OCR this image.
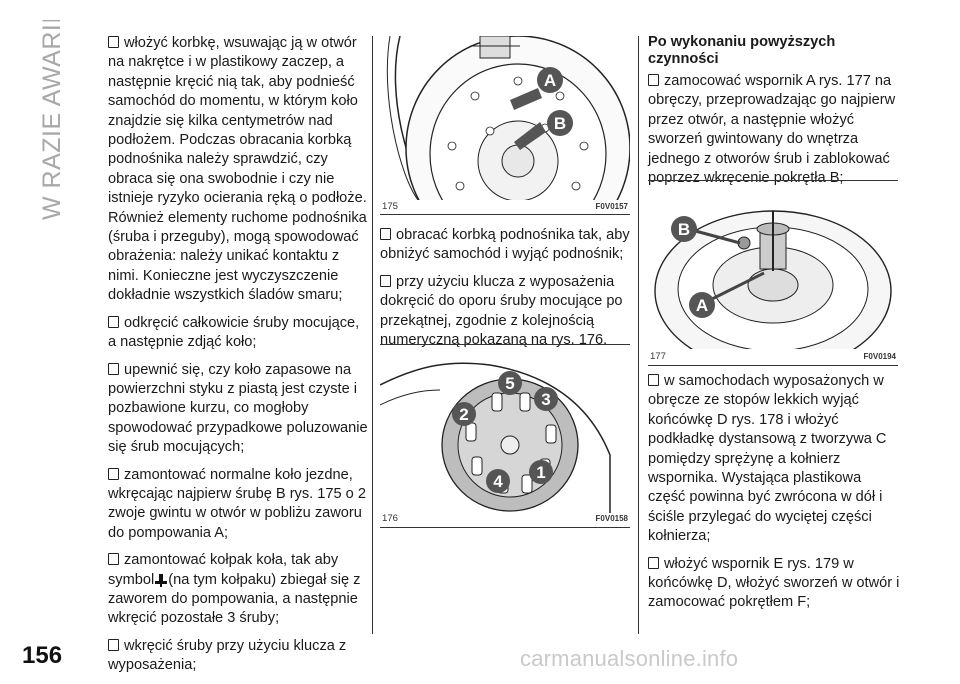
W RAZIE AWARII	włożyć korbkę, wsuwając ją w otwór na nakrętce i w plastikowy zaczep, a następnie kręcić nią tak, aby podnieść samochód do momentu, w którym koło znajdzie się kilka centymetrów nad podłożem. Podczas obracania korbką podnośnika należy sprawdzić, czy obraca się ona swobodnie i czy nie istnieje ryzyko ocierania ręką o podłoże. Również elementy ruchome podnośnika (śruba i przeguby), mogą spowodować obrażenia: należy unikać kontaktu z nimi. Konieczne jest wyczyszczenie dokładnie wszystkich śladów smaru;

odkręcić całkowicie śruby mocujące, a następnie zdjąć koło;

upewnić się, czy koło zapasowe na powierzchni styku z piastą jest czyste i pozbawione kurzu, co mogłoby spowodować przypadkowe poluzowanie się śrub mocujących;

zamontować normalne koło jezdne, wkręcając najpierw śrubę B rys. 175 o 2 zwoje gwintu w otwór w pobliżu zaworu do pompowania A;

zamontować kołpak koła, tak aby symbol (na tym kołpaku) zbiegał się z zaworem do pompowania, a następnie wkręcić pozostałe 3 śruby;

wkręcić śruby przy użyciu klucza z wyposażenia;

A
B
175	F0V0157

obracać korbką podnośnika tak, aby obniżyć samochód i wyjąć podnośnik;

przy użyciu klucza z wyposażenia dokręcić do oporu śruby mocujące po przekątnej, zgodnie z kolejnością numeryczną pokazaną na rys. 176.

1
2
3
4
5
176	F0V0158
Po wykonaniu powyższych czynności

zamocować wspornik A rys. 177 na obręczy, przeprowadzając go najpierw przez otwór, a następnie włożyć sworzeń gwintowany do wnętrza jednego z otworów śrub i zablokować poprzez wkręcenie pokrętła B;

B
A
177	F0V0194

w samochodach wyposażonych w obręcze ze stopów lekkich wyjąć końcówkę D rys. 178 i włożyć podkładkę dystansową z tworzywa C pomiędzy sprężynę a kołnierz wspornika. Wystająca plastikowa część powinna być zwrócona w dół i ściśle przylegać do wyciętej części kołnierza;

włożyć wspornik E rys. 179 w końcówkę D, włożyć sworzeń w otwór i zamocować pokrętłem F;

156	carmanualsonline.info
